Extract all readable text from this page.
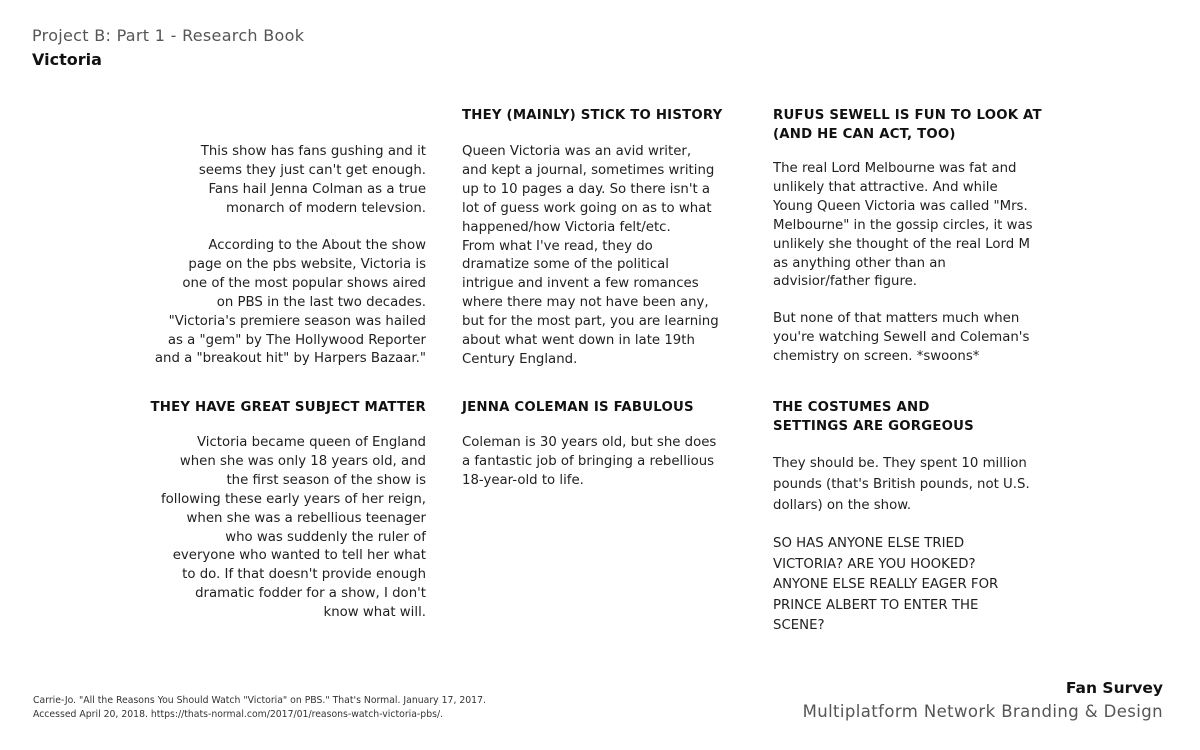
Project B: Part 1 - Research Book
Victoria
This show has fans gushing and it
seems they just can't get enough.
Fans hail Jenna Colman as a true
monarch of modern televsion.
According to the About the show
page on the pbs website, Victoria is
one of the most popular shows aired
on PBS in the last two decades.
"Victoria's premiere season was hailed
as a "gem" by The Hollywood Reporter
and a "breakout hit" by Harpers Bazaar."
THEY (MAINLY) STICK TO HISTORY
Queen Victoria was an avid writer,
and kept a journal, sometimes writing
up to 10 pages a day. So there isn't a
lot of guess work going on as to what
happened/how Victoria felt/etc.
From what I've read, they do
dramatize some of the political
intrigue and invent a few romances
where there may not have been any,
but for the most part, you are learning
about what went down in late 19th
Century England.
RUFUS SEWELL IS FUN TO LOOK AT
(AND HE CAN ACT, TOO)
The real Lord Melbourne was fat and
unlikely that attractive. And while
Young Queen Victoria was called "Mrs.
Melbourne" in the gossip circles, it was
unlikely she thought of the real Lord M
as anything other than an
advisior/father figure.
But none of that matters much when
you're watching Sewell and Coleman's
chemistry on screen. *swoons*
THEY HAVE GREAT SUBJECT MATTER
Victoria became queen of England
when she was only 18 years old, and
the first season of the show is
following these early years of her reign,
when she was a rebellious teenager
who was suddenly the ruler of
everyone who wanted to tell her what
to do. If that doesn't provide enough
dramatic fodder for a show, I don't
know what will.
JENNA COLEMAN IS FABULOUS
Coleman is 30 years old, but she does
a fantastic job of bringing a rebellious
18-year-old to life.
THE COSTUMES AND
SETTINGS ARE GORGEOUS
They should be. They spent 10 million
pounds (that's British pounds, not U.S.
dollars) on the show.
SO HAS ANYONE ELSE TRIED
VICTORIA? ARE YOU HOOKED?
ANYONE ELSE REALLY EAGER FOR
PRINCE ALBERT TO ENTER THE
SCENE?
Carrie-Jo. "All the Reasons You Should Watch "Victoria" on PBS." That's Normal. January 17, 2017.
Accessed April 20, 2018. https://thats-normal.com/2017/01/reasons-watch-victoria-pbs/.
Fan Survey
Multiplatform Network Branding & Design
